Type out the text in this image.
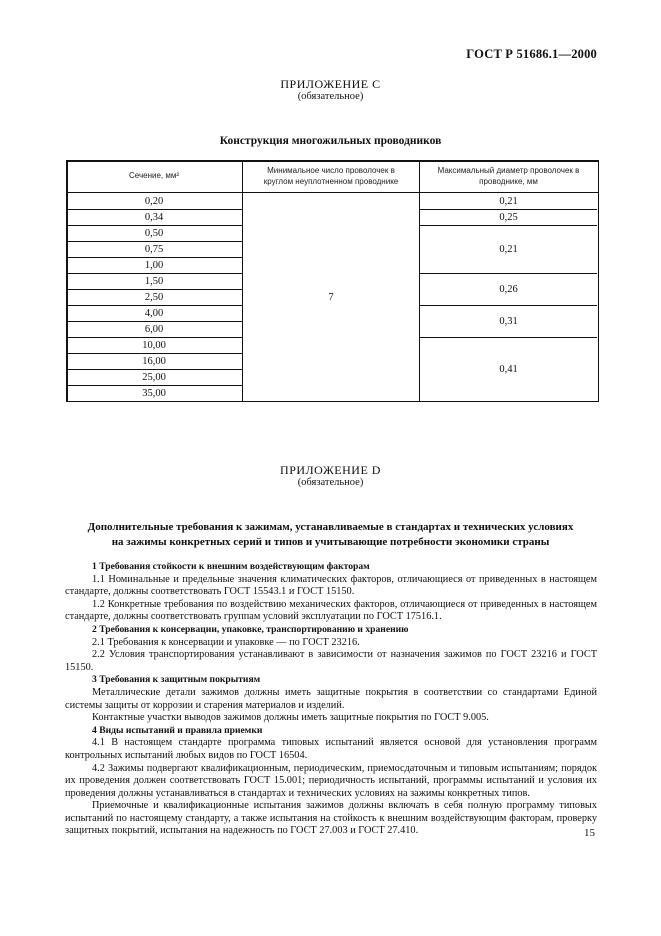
ГОСТ Р 51686.1—2000
ПРИЛОЖЕНИЕ С
(обязательное)
Конструкция многожильных проводников
Сечение, мм²
Минимальное число проволочек в круглом неуплотненном проводнике
Максимальный диаметр проволочек в проводнике, мм
0,20
0,34
0,50
0,75
1,00
1,50
2,50
4,00
6,00
10,00
16,00
25,00
35,00
7
0,21
0,25
0,21
0,26
0,31
0,41
ПРИЛОЖЕНИЕ D
(обязательное)
Дополнительные требования к зажимам, устанавливаемые в стандартах и технических условиях
на зажимы конкретных серий и типов и учитывающие потребности экономики страны

1 Требования стойкости к внешним воздействующим факторам

1.1 Номинальные и предельные значения климатических факторов, отличающиеся от приведенных в настоящем стандарте, должны соответствовать ГОСТ 15543.1 и ГОСТ 15150.

1.2 Конкретные требования по воздействию механических факторов, отличающиеся от приведенных в настоящем стандарте, должны соответствовать группам условий эксплуатации по ГОСТ 17516.1.

2 Требования к консервации, упаковке, транспортированию и хранению

2.1 Требования к консервации и упаковке — по ГОСТ 23216.

2.2 Условия транспортирования устанавливают в зависимости от назначения зажимов по ГОСТ 23216 и ГОСТ 15150.

3 Требования к защитным покрытиям

Металлические детали зажимов должны иметь защитные покрытия в соответствии со стандартами Единой системы защиты от коррозии и старения материалов и изделий.

Контактные участки выводов зажимов должны иметь защитные покрытия по ГОСТ 9.005.

4 Виды испытаний и правила приемки

4.1 В настоящем стандарте программа типовых испытаний является основой для установления программ контрольных испытаний любых видов по ГОСТ 16504.

4.2 Зажимы подвергают квалификационным, периодическим, приемосдаточным и типовым испытаниям; порядок их проведения должен соответствовать ГОСТ 15.001; периодичность испытаний, программы испытаний и условия их проведения должны устанавливаться в стандартах и технических условиях на зажимы конкретных типов.

Приемочные и квалификационные испытания зажимов должны включать в себя полную программу типовых испытаний по настоящему стандарту, а также испытания на стойкость к внешним воздействующим факторам, проверку защитных покрытий, испытания на надежность по ГОСТ 27.003 и ГОСТ 27.410.	15
